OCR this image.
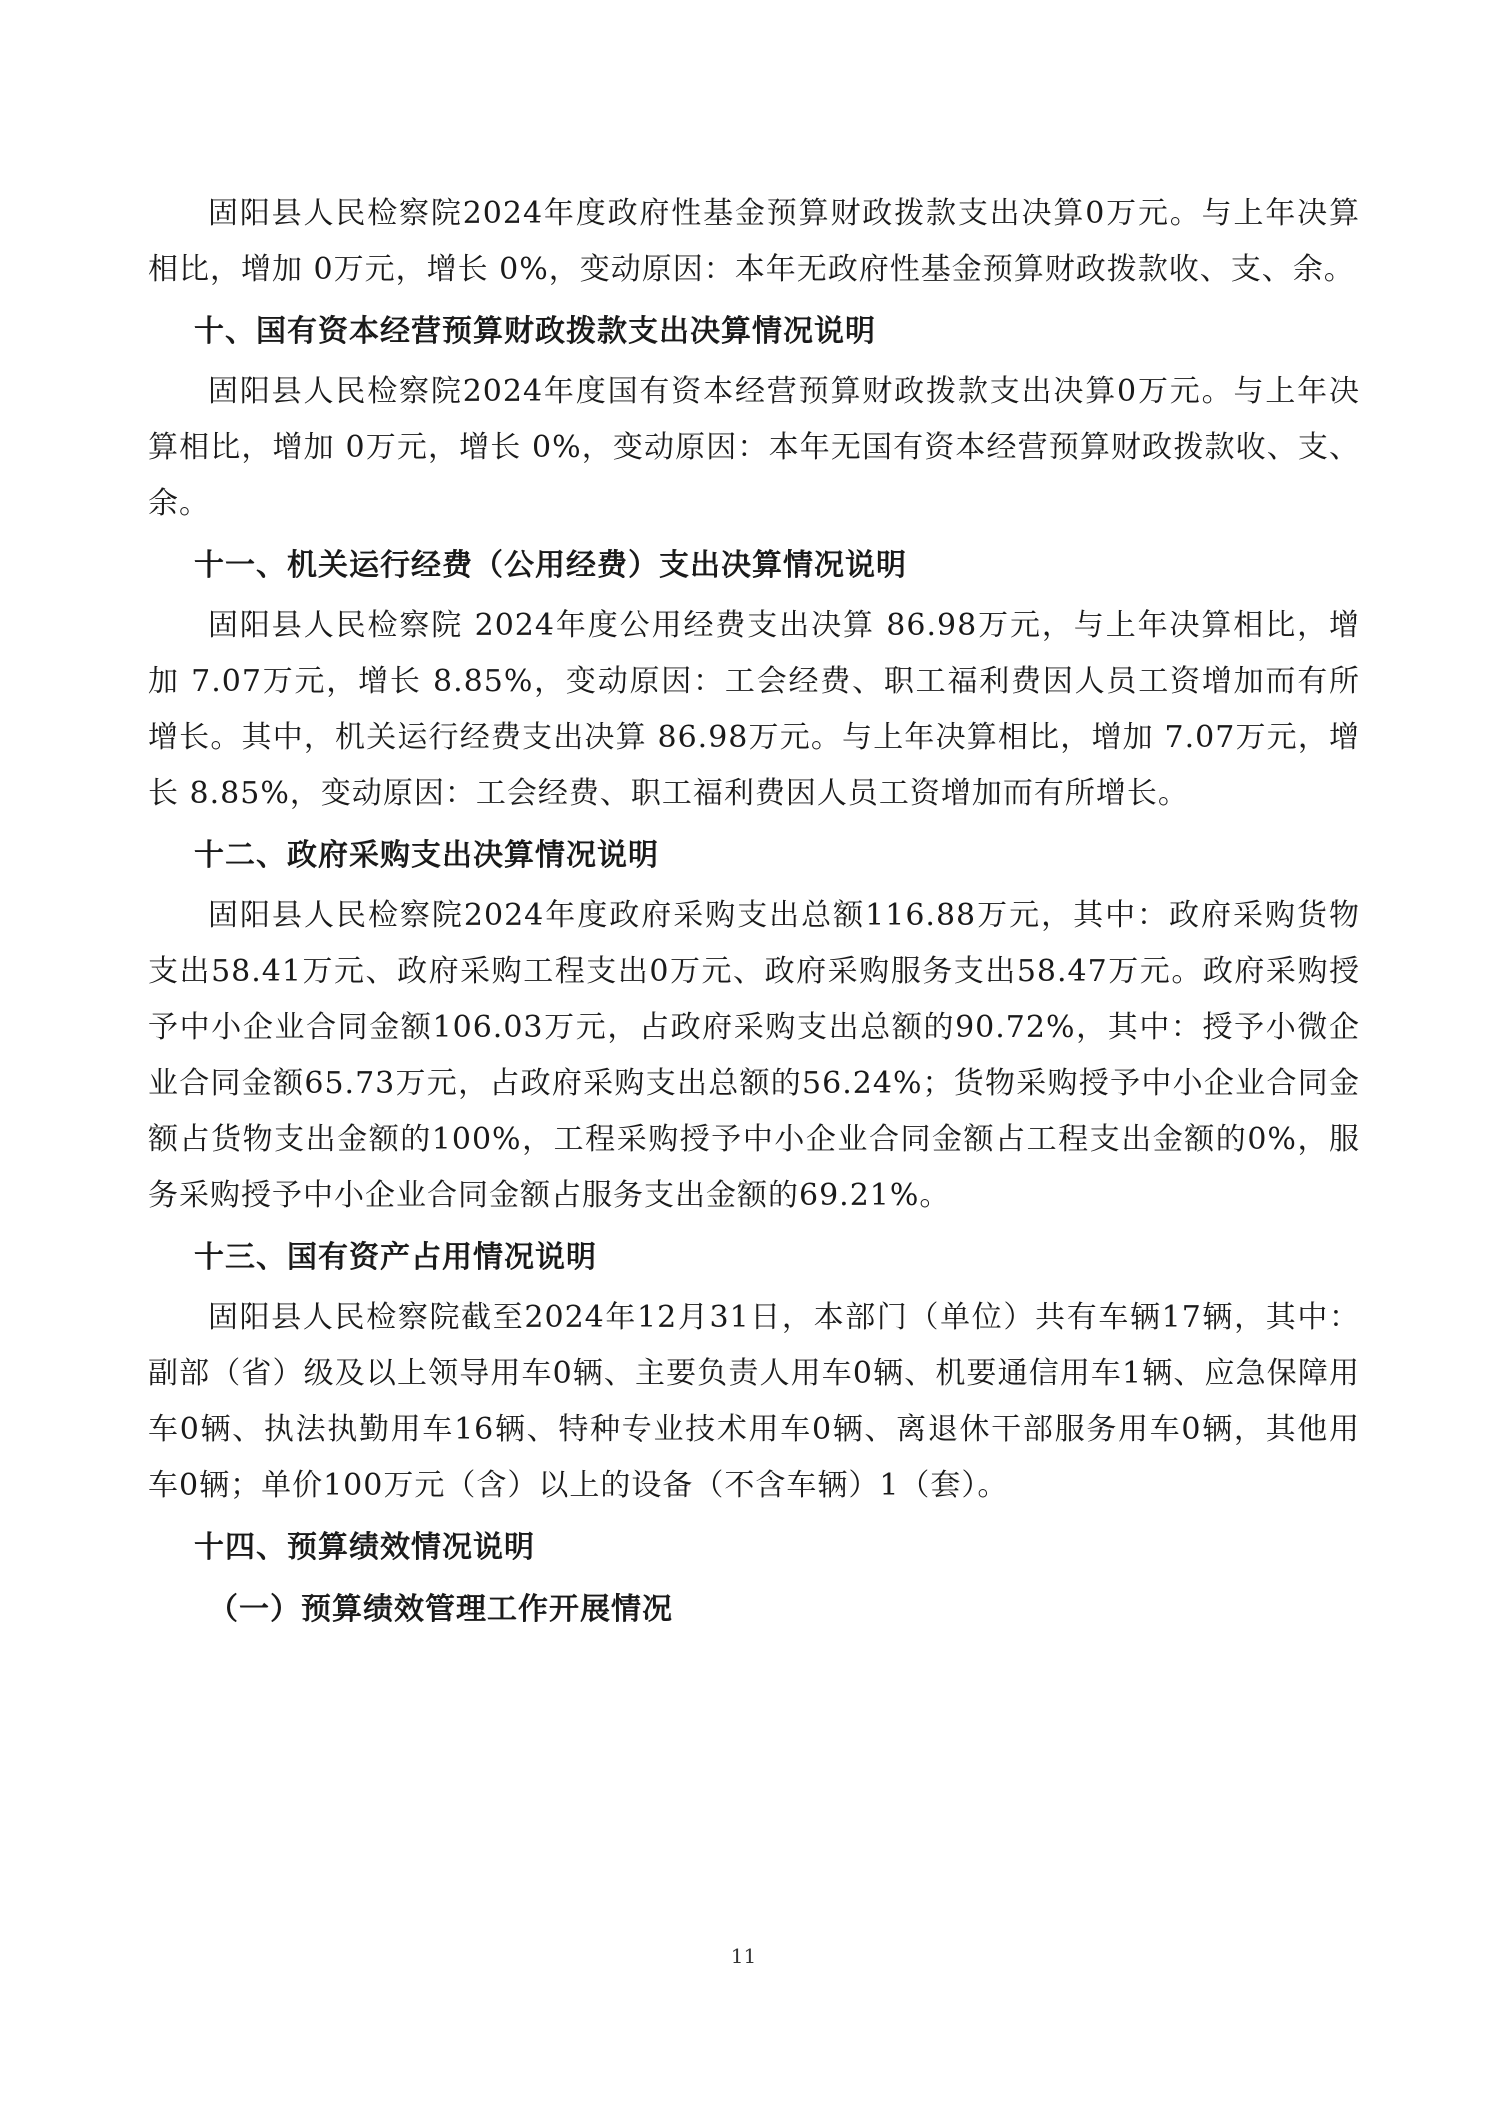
固阳县人民检察院2024年度政府性基金预算财政拨款支出决算0万元。与上年决算相比，增加 0万元，增长 0%，变动原因：本年无政府性基金预算财政拨款收、支、余。

十、国有资本经营预算财政拨款支出决算情况说明

固阳县人民检察院2024年度国有资本经营预算财政拨款支出决算0万元。与上年决算相比，增加 0万元，增长 0%，变动原因：本年无国有资本经营预算财政拨款收、支、余。

十一、机关运行经费（公用经费）支出决算情况说明

固阳县人民检察院 2024年度公用经费支出决算 86.98万元，与上年决算相比，增加 7.07万元，增长 8.85%，变动原因：工会经费、职工福利费因人员工资增加而有所增长。其中，机关运行经费支出决算 86.98万元。与上年决算相比，增加 7.07万元，增长 8.85%，变动原因：工会经费、职工福利费因人员工资增加而有所增长。

十二、政府采购支出决算情况说明

固阳县人民检察院2024年度政府采购支出总额116.88万元，其中：政府采购货物支出58.41万元、政府采购工程支出0万元、政府采购服务支出58.47万元。政府采购授予中小企业合同金额106.03万元，占政府采购支出总额的90.72%，其中：授予小微企业合同金额65.73万元，占政府采购支出总额的56.24%；货物采购授予中小企业合同金额占货物支出金额的100%，工程采购授予中小企业合同金额占工程支出金额的0%，服务采购授予中小企业合同金额占服务支出金额的69.21%。

十三、国有资产占用情况说明

固阳县人民检察院截至2024年12月31日，本部门（单位）共有车辆17辆，其中：副部（省）级及以上领导用车0辆、主要负责人用车0辆、机要通信用车1辆、应急保障用车0辆、执法执勤用车16辆、特种专业技术用车0辆、离退休干部服务用车0辆，其他用车0辆；单价100万元（含）以上的设备（不含车辆）1（套）。

十四、预算绩效情况说明
（一）预算绩效管理工作开展情况
11
